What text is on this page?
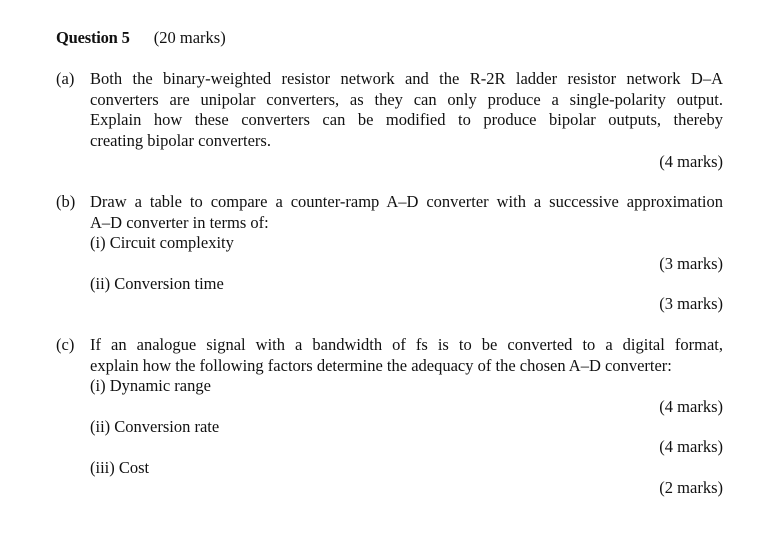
Question 5 (20 marks)
(a) Both the binary-weighted resistor network and the R-2R ladder resistor network D–A
converters are unipolar converters, as they can only produce a single-polarity output.
Explain how these converters can be modified to produce bipolar outputs, thereby
creating bipolar converters.
(4 marks)
(b) Draw a table to compare a counter-ramp A–D converter with a successive approximation
A–D converter in terms of:
(i) Circuit complexity
(3 marks)
(ii) Conversion time
(3 marks)
(c) If an analogue signal with a bandwidth of fs is to be converted to a digital format,
explain how the following factors determine the adequacy of the chosen A–D converter:
(i) Dynamic range
(4 marks)
(ii) Conversion rate
(4 marks)
(iii) Cost
(2 marks)
